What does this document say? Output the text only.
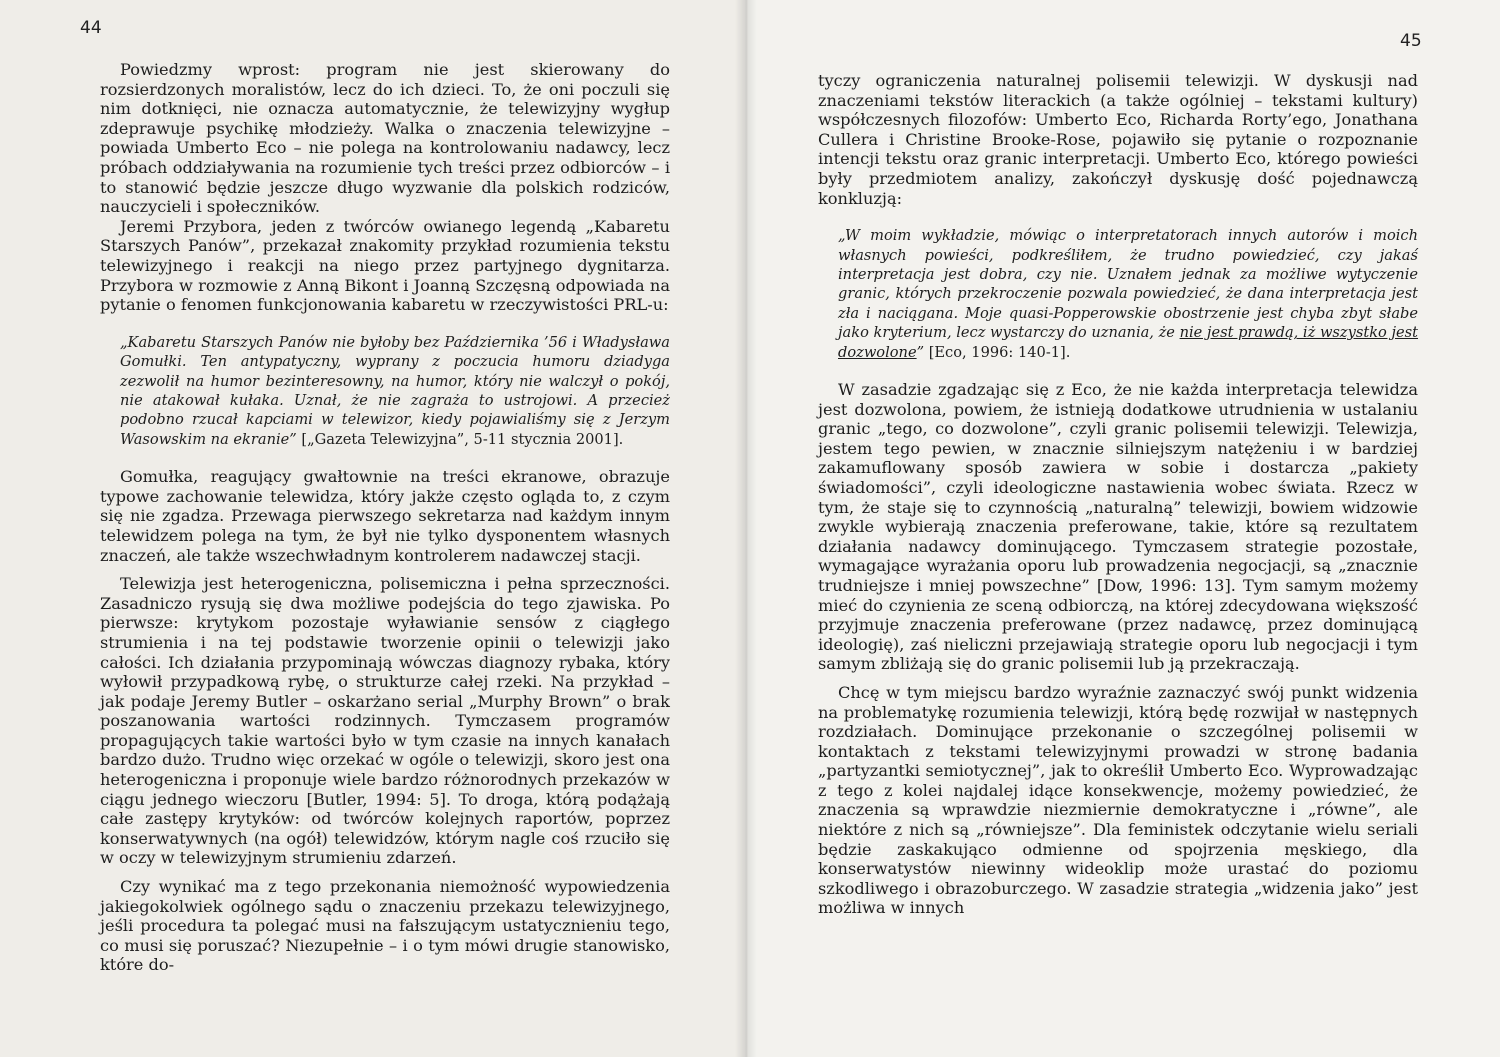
44

Powiedzmy wprost: program nie jest skierowany do rozsierdzonych moralistów, lecz do ich dzieci. To, że oni poczuli się nim dotknięci, nie oznacza automatycznie, że telewizyjny wygłup zdeprawuje psychikę młodzieży. Walka o znaczenia telewizyjne – powiada Umberto Eco – nie polega na kontrolowaniu nadawcy, lecz próbach oddziaływania na rozumienie tych treści przez odbiorców – i to stanowić będzie jeszcze długo wyzwanie dla polskich rodziców, nauczycieli i społeczników.

Jeremi Przybora, jeden z twórców owianego legendą „Kabaretu Starszych Panów”, przekazał znakomity przykład rozumienia tekstu telewizyjnego i reakcji na niego przez partyjnego dygnitarza. Przybora w rozmowie z Anną Bikont i Joanną Szczęsną odpowiada na pytanie o fenomen funkcjonowania kabaretu w rzeczywistości PRL-u:

„Kabaretu Starszych Panów nie byłoby bez Października ’56 i Władysława Gomułki. Ten antypatyczny, wyprany z poczucia humoru dziadyga zezwolił na humor bezinteresowny, na humor, który nie walczył o pokój, nie atakował kułaka. Uznał, że nie zagraża to ustrojowi. A przecież podobno rzucał kapciami w telewizor, kiedy pojawialiśmy się z Jerzym Wasowskim na ekranie” [„Gazeta Telewizyjna”, 5-11 stycznia 2001].

Gomułka, reagujący gwałtownie na treści ekranowe, obrazuje typowe zachowanie telewidza, który jakże często ogląda to, z czym się nie zgadza. Przewaga pierwszego sekretarza nad każdym innym telewidzem polega na tym, że był nie tylko dysponentem własnych znaczeń, ale także wszechwładnym kontrolerem nadawczej stacji.

Telewizja jest heterogeniczna, polisemiczna i pełna sprzeczności. Zasadniczo rysują się dwa możliwe podejścia do tego zjawiska. Po pierwsze: krytykom pozostaje wyławianie sensów z ciągłego strumienia i na tej podstawie tworzenie opinii o telewizji jako całości. Ich działania przypominają wówczas diagnozy rybaka, który wyłowił przypadkową rybę, o strukturze całej rzeki. Na przykład – jak podaje Jeremy Butler – oskarżano serial „Murphy Brown” o brak poszanowania wartości rodzinnych. Tymczasem programów propagujących takie wartości było w tym czasie na innych kanałach bardzo dużo. Trudno więc orzekać w ogóle o telewizji, skoro jest ona heterogeniczna i proponuje wiele bardzo różnorodnych przekazów w ciągu jednego wieczoru [Butler, 1994: 5]. To droga, którą podążają całe zastępy krytyków: od twórców kolejnych raportów, poprzez konserwatywnych (na ogół) telewidzów, którym nagle coś rzuciło się w oczy w telewizyjnym strumieniu zdarzeń.

Czy wynikać ma z tego przekonania niemożność wypowiedzenia jakiegokolwiek ogólnego sądu o znaczeniu przekazu telewizyjnego, jeśli procedura ta polegać musi na fałszującym ustatycznieniu tego, co musi się poruszać? Niezupełnie – i o tym mówi drugie stanowisko, które do-

tyczy ograniczenia naturalnej polisemii telewizji. W dyskusji nad znaczeniami tekstów literackich (a także ogólniej – tekstami kultury) współczesnych filozofów: Umberto Eco, Richarda Rorty’ego, Jonathana Cullera i Christine Brooke-Rose, pojawiło się pytanie o rozpoznanie intencji tekstu oraz granic interpretacji. Umberto Eco, którego powieści były przedmiotem analizy, zakończył dyskusję dość pojednawczą konkluzją:

„W moim wykładzie, mówiąc o interpretatorach innych autorów i moich własnych powieści, podkreśliłem, że trudno powiedzieć, czy jakaś interpretacja jest dobra, czy nie. Uznałem jednak za możliwe wytyczenie granic, których przekroczenie pozwala powiedzieć, że dana interpretacja jest zła i naciągana. Moje quasi-Popperowskie obostrzenie jest chyba zbyt słabe jako kryterium, lecz wystarczy do uznania, że nie jest prawdą, iż wszystko jest dozwolone” [Eco, 1996: 140-1].

W zasadzie zgadzając się z Eco, że nie każda interpretacja telewidza jest dozwolona, powiem, że istnieją dodatkowe utrudnienia w ustalaniu granic „tego, co dozwolone”, czyli granic polisemii telewizji. Telewizja, jestem tego pewien, w znacznie silniejszym natężeniu i w bardziej zakamuflowany sposób zawiera w sobie i dostarcza „pakiety świadomości”, czyli ideologiczne nastawienia wobec świata. Rzecz w tym, że staje się to czynnością „naturalną” telewizji, bowiem widzowie zwykle wybierają znaczenia preferowane, takie, które są rezultatem działania nadawcy dominującego. Tymczasem strategie pozostałe, wymagające wyrażania oporu lub prowadzenia negocjacji, są „znacznie trudniejsze i mniej powszechne” [Dow, 1996: 13]. Tym samym możemy mieć do czynienia ze sceną odbiorczą, na której zdecydowana większość przyjmuje znaczenia preferowane (przez nadawcę, przez dominującą ideologię), zaś nieliczni przejawiają strategie oporu lub negocjacji i tym samym zbliżają się do granic polisemii lub ją przekraczają.

Chcę w tym miejscu bardzo wyraźnie zaznaczyć swój punkt widzenia na problematykę rozumienia telewizji, którą będę rozwijał w następnych rozdziałach. Dominujące przekonanie o szczególnej polisemii w kontaktach z tekstami telewizyjnymi prowadzi w stronę badania „partyzantki semiotycznej”, jak to określił Umberto Eco. Wyprowadzając z tego z kolei najdalej idące konsekwencje, możemy powiedzieć, że znaczenia są wprawdzie niezmiernie demokratyczne i „równe”, ale niektóre z nich są „równiejsze”. Dla feministek odczytanie wielu seriali będzie zaskakująco odmienne od spojrzenia męskiego, dla konserwatystów niewinny wideoklip może urastać do poziomu szkodliwego i obrazoburczego. W zasadzie strategia „widzenia jako” jest możliwa w innych

45
